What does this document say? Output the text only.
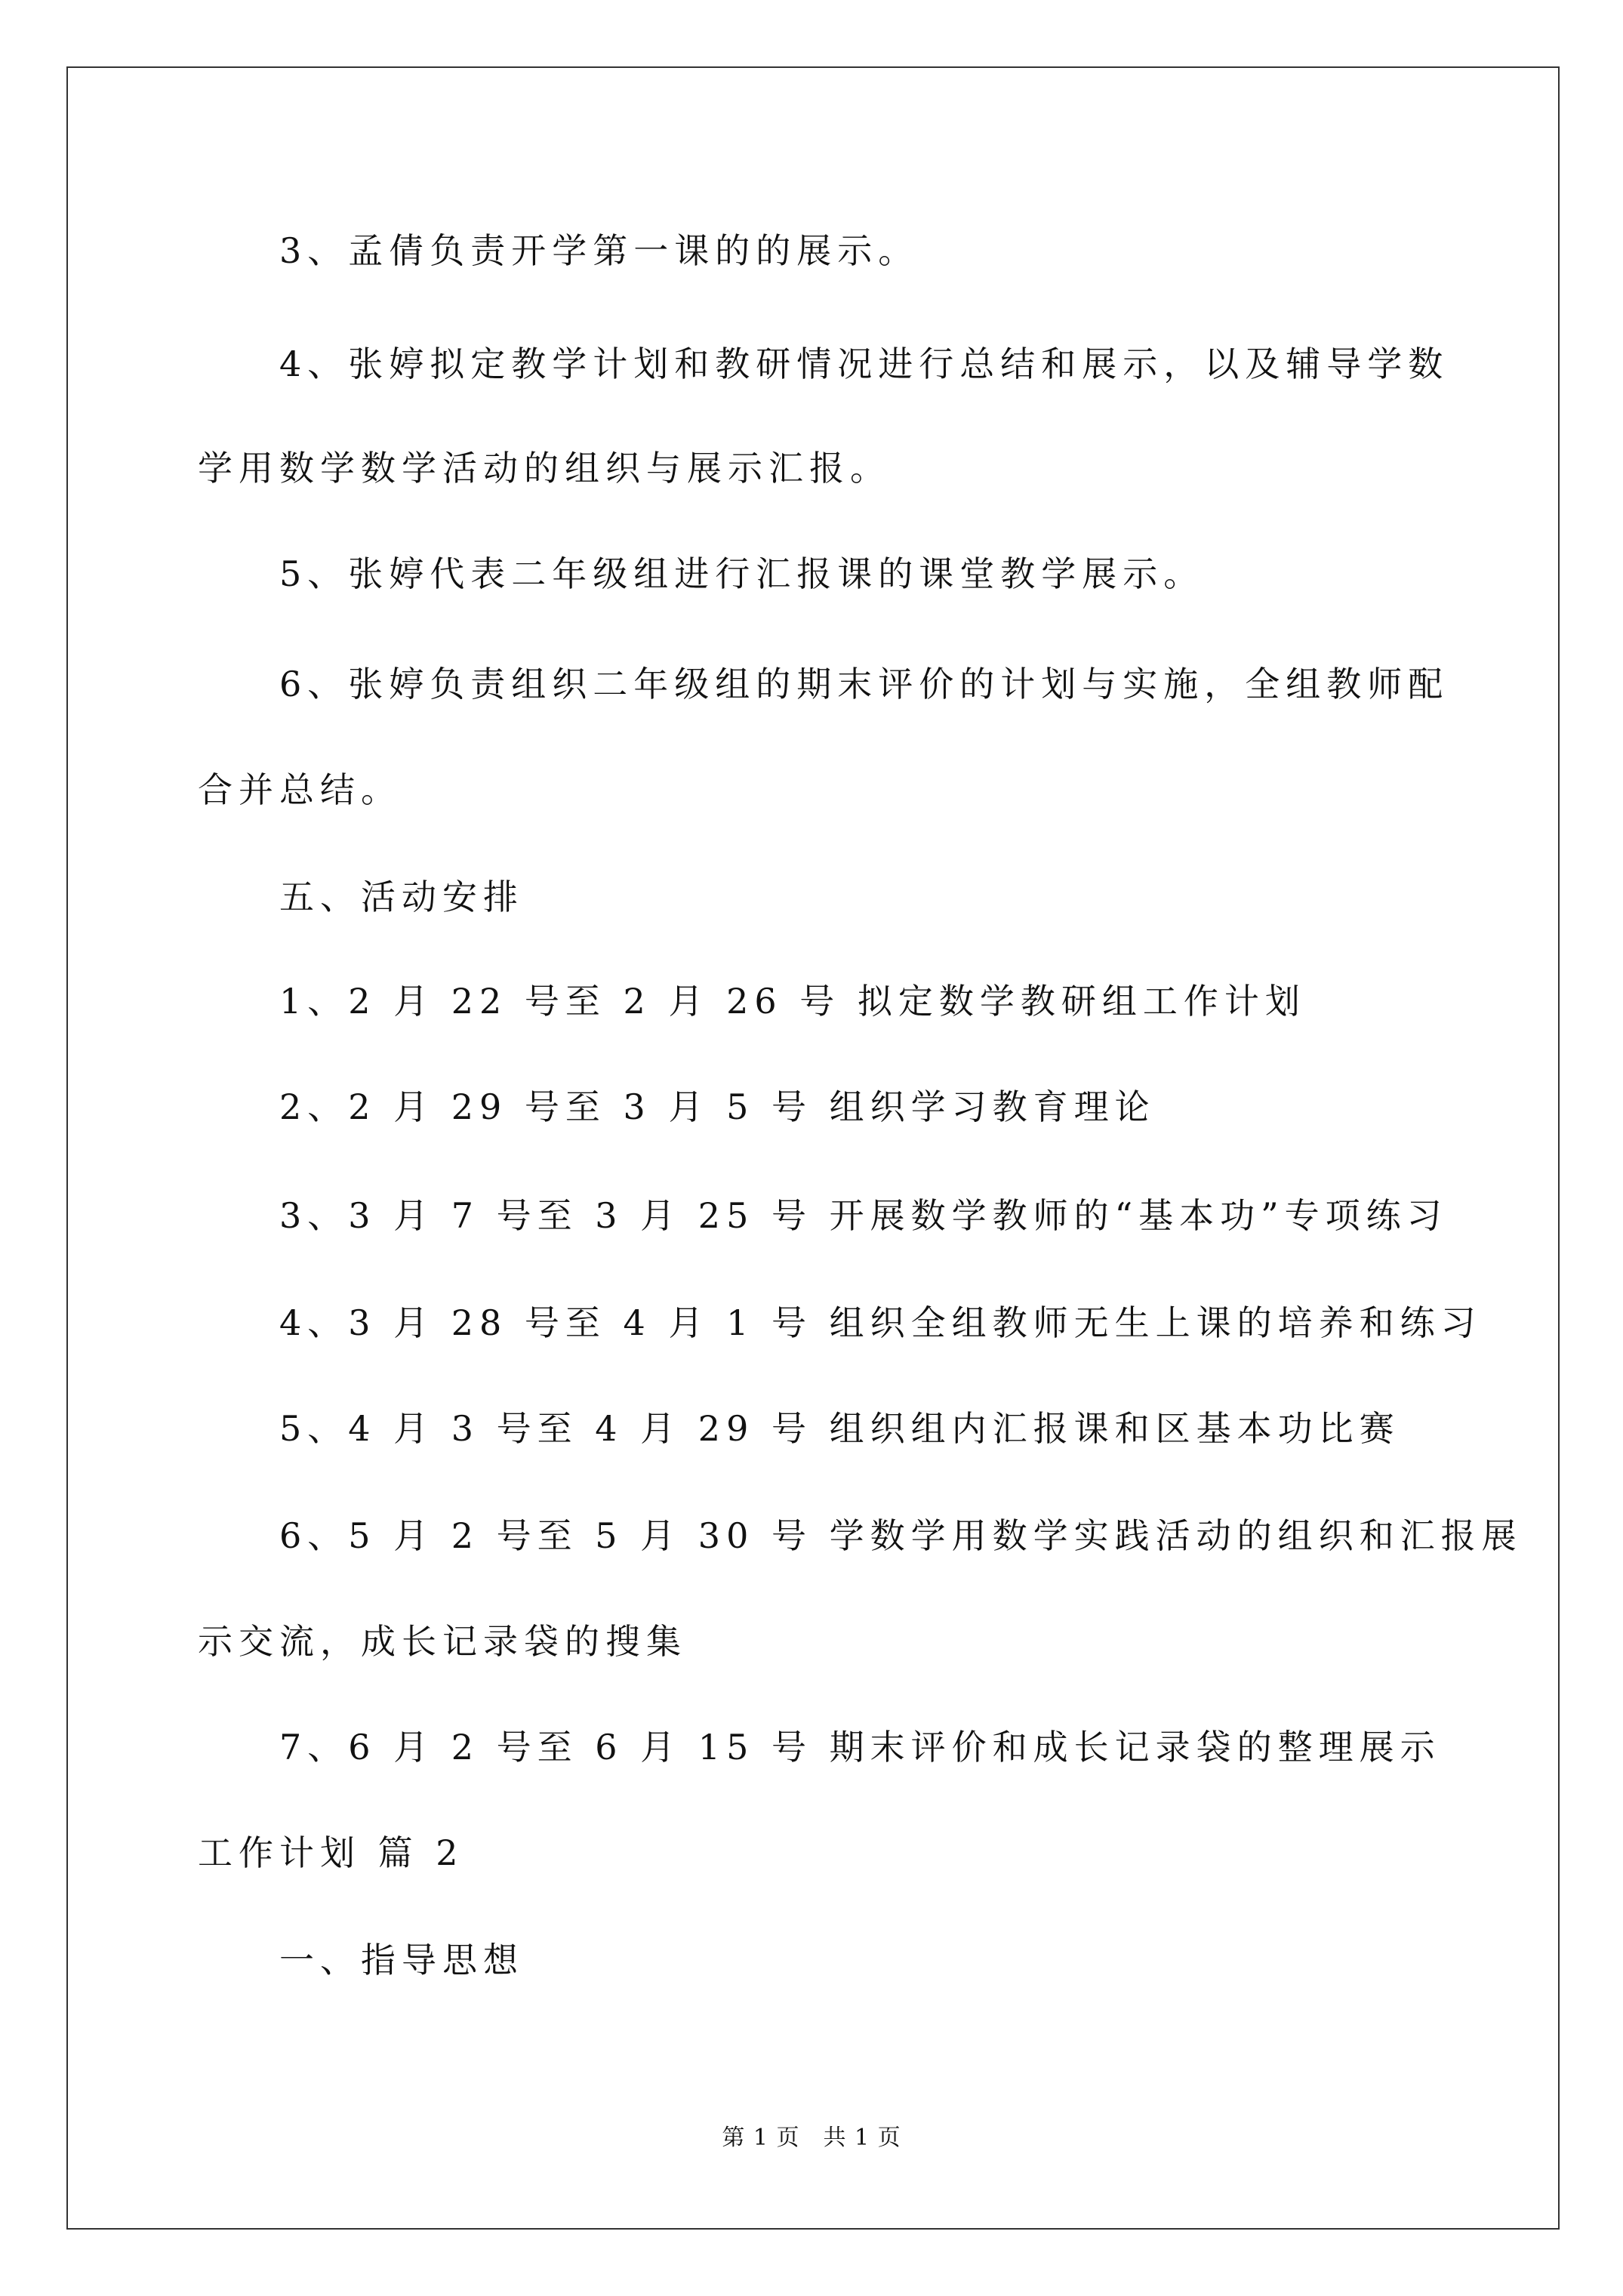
3、孟倩负责开学第一课的的展示。

4、张婷拟定教学计划和教研情况进行总结和展示，以及辅导学数

学用数学数学活动的组织与展示汇报。

5、张婷代表二年级组进行汇报课的课堂教学展示。

6、张婷负责组织二年级组的期末评价的计划与实施，全组教师配

合并总结。

五、活动安排

1、2 月 22 号至 2 月 26 号 拟定数学教研组工作计划

2、2 月 29 号至 3 月 5 号 组织学习教育理论

3、3 月 7 号至 3 月 25 号 开展数学教师的“基本功”专项练习

4、3 月 28 号至 4 月 1 号 组织全组教师无生上课的培养和练习

5、4 月 3 号至 4 月 29 号 组织组内汇报课和区基本功比赛

6、5 月 2 号至 5 月 30 号 学数学用数学实践活动的组织和汇报展

示交流，成长记录袋的搜集

7、6 月 2 号至 6 月 15 号 期末评价和成长记录袋的整理展示

工作计划 篇 2

一、指导思想

第 1 页　共 1 页
